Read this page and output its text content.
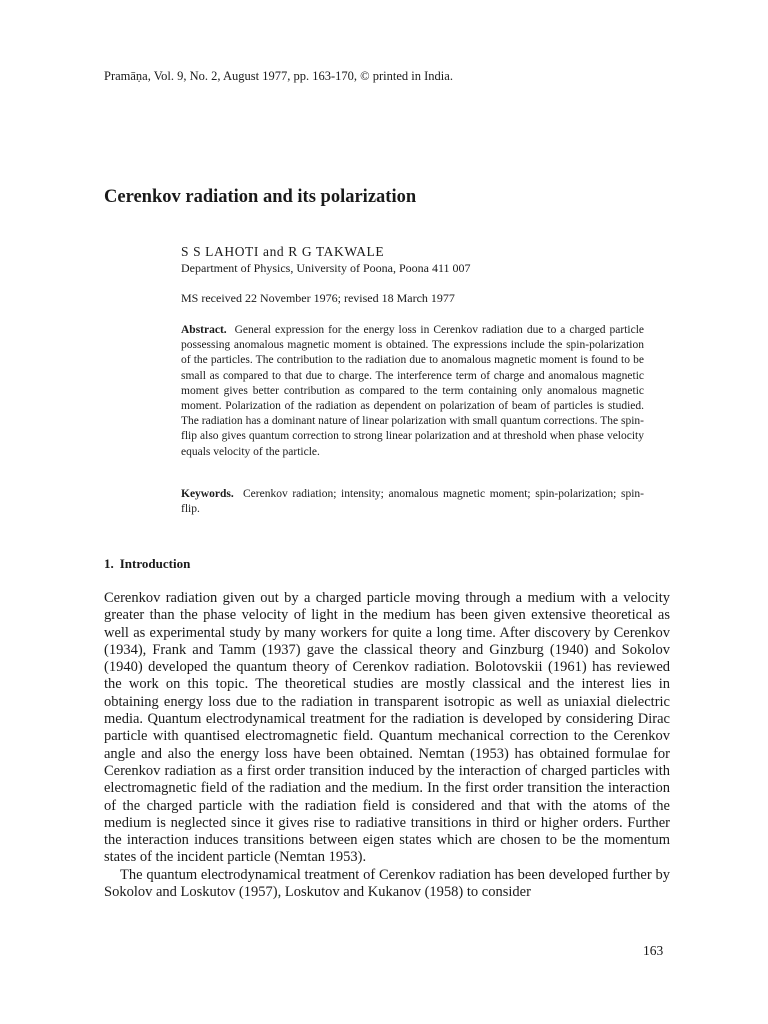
Pramāṇa, Vol. 9, No. 2, August 1977, pp. 163-170, © printed in India.
Cerenkov radiation and its polarization
S S LAHOTI and R G TAKWALE
Department of Physics, University of Poona, Poona 411 007
MS received 22 November 1976; revised 18 March 1977

Abstract. General expression for the energy loss in Cerenkov radiation due to a charged particle possessing anomalous magnetic moment is obtained. The expressions include the spin-polarization of the particles. The contribution to the radiation due to anomalous magnetic moment is found to be small as compared to that due to charge. The interference term of charge and anomalous magnetic moment gives better contribution as compared to the term containing only anomalous magnetic moment. Polarization of the radiation as dependent on polarization of beam of particles is studied. The radiation has a dominant nature of linear polarization with small quantum corrections. The spin-flip also gives quantum correction to strong linear polarization and at threshold when phase velocity equals velocity of the particle.

Keywords. Cerenkov radiation; intensity; anomalous magnetic moment; spin-polarization; spin-flip.

1. Introduction

Cerenkov radiation given out by a charged particle moving through a medium with a velocity greater than the phase velocity of light in the medium has been given extensive theoretical as well as experimental study by many workers for quite a long time. After discovery by Cerenkov (1934), Frank and Tamm (1937) gave the classical theory and Ginzburg (1940) and Sokolov (1940) developed the quantum theory of Cerenkov radiation. Bolotovskii (1961) has reviewed the work on this topic. The theoretical studies are mostly classical and the interest lies in obtaining energy loss due to the radiation in transparent isotropic as well as uniaxial dielectric media. Quantum electrodynamical treatment for the radiation is developed by considering Dirac particle with quantised electromagnetic field. Quantum mechanical correction to the Cerenkov angle and also the energy loss have been obtained. Nemtan (1953) has obtained formulae for Cerenkov radiation as a first order transition induced by the interaction of charged particles with electromagnetic field of the radiation and the medium. In the first order transition the interaction of the charged particle with the radiation field is considered and that with the atoms of the medium is neglected since it gives rise to radiative transitions in third or higher orders. Further the interaction induces transitions between eigen states which are chosen to be the momentum states of the incident particle (Nemtan 1953).

The quantum electrodynamical treatment of Cerenkov radiation has been developed further by Sokolov and Loskutov (1957), Loskutov and Kukanov (1958) to consider

163
